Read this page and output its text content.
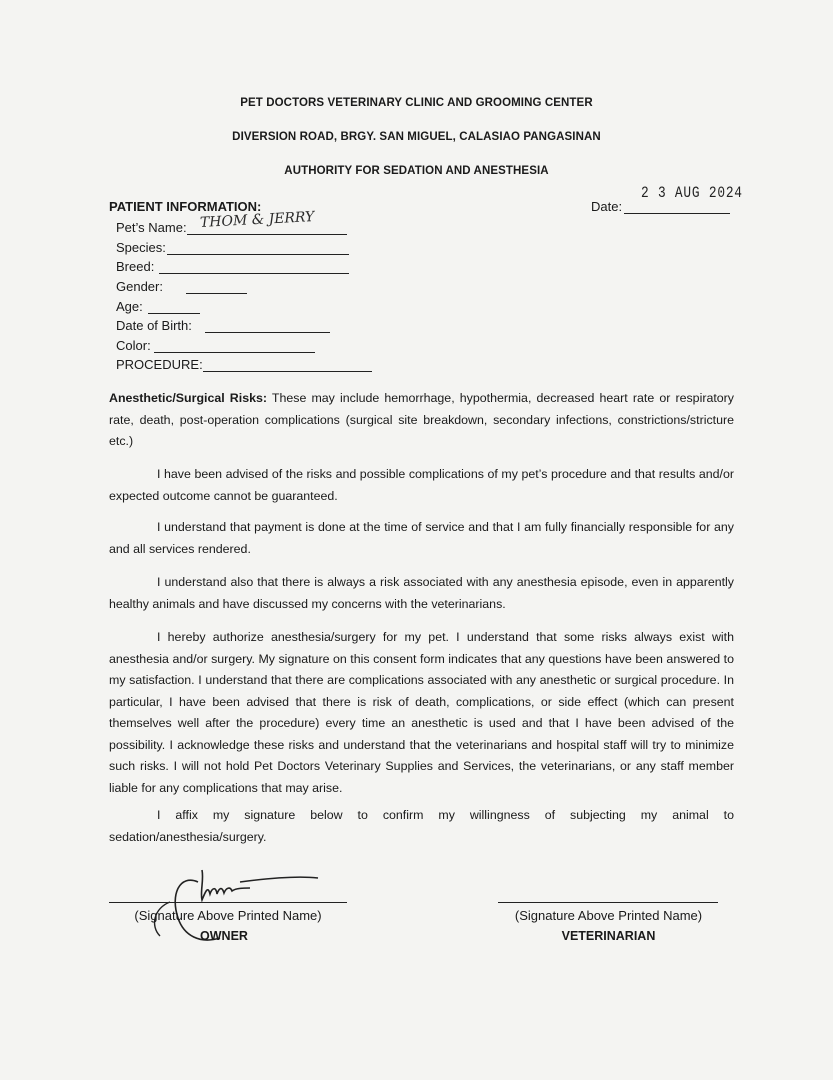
PET DOCTORS VETERINARY CLINIC AND GROOMING CENTER
DIVERSION ROAD, BRGY. SAN MIGUEL, CALASIAO PANGASINAN
AUTHORITY FOR SEDATION AND ANESTHESIA
PATIENT INFORMATION:	Date:
2 3 AUG 2024
Pet’s Name: THOM & JERRY
Species:
Breed:
Gender:
Age:
Date of Birth:
Color:
PROCEDURE:

Anesthetic/Surgical Risks: These may include hemorrhage, hypothermia, decreased heart rate or respiratory rate, death, post-operation complications (surgical site breakdown, secondary infections, constrictions/stricture etc.)

I have been advised of the risks and possible complications of my pet’s procedure and that results and/or expected outcome cannot be guaranteed.

I understand that payment is done at the time of service and that I am fully financially responsible for any and all services rendered.

I understand also that there is always a risk associated with any anesthesia episode, even in apparently healthy animals and have discussed my concerns with the veterinarians.

I hereby authorize anesthesia/surgery for my pet. I understand that some risks always exist with anesthesia and/or surgery. My signature on this consent form indicates that any questions have been answered to my satisfaction. I understand that there are complications associated with any anesthetic or surgical procedure. In particular, I have been advised that there is risk of death, complications, or side effect (which can present themselves well after the procedure) every time an anesthetic is used and that I have been advised of the possibility. I acknowledge these risks and understand that the veterinarians and hospital staff will try to minimize such risks. I will not hold Pet Doctors Veterinary Supplies and Services, the veterinarians, or any staff member liable for any complications that may arise.

I affix my signature below to confirm my willingness of subjecting my animal to sedation/anesthesia/surgery.

(Signature Above Printed Name)
OWNER
(Signature Above Printed Name)
VETERINARIAN
